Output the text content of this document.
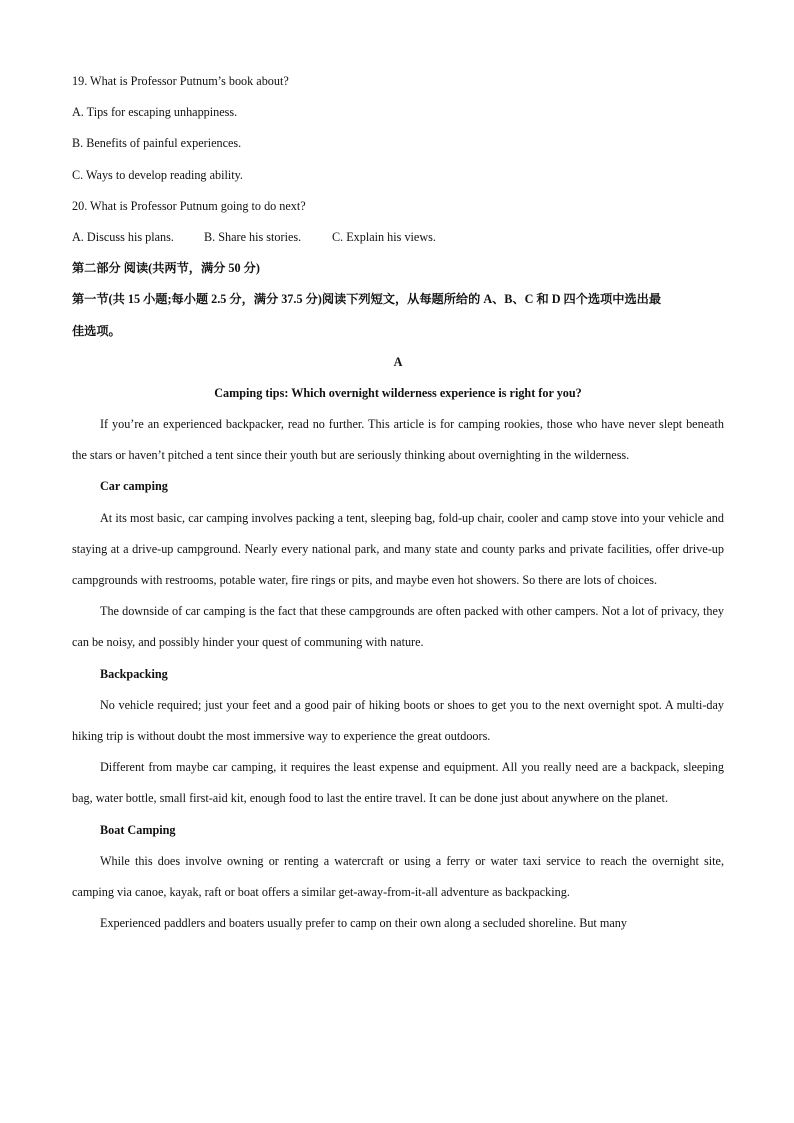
19. What is Professor Putnum’s book about?
A. Tips for escaping unhappiness.
B. Benefits of painful experiences.
C. Ways to develop reading ability.
20. What is Professor Putnum going to do next?
A. Discuss his plans. B. Share his stories.	C. Explain his views.
第二部分 阅读(共两节，满分 50 分)
第一节(共 15 小题;每小题 2.5 分，满分 37.5 分)阅读下列短文，从每题所给的 A、B、C 和 D 四个选项中选出最
佳选项。
A
Camping tips: Which overnight wilderness experience is right for you?

If you’re an experienced backpacker, read no further. This article is for camping rookies, those who have never slept beneath the stars or haven’t pitched a tent since their youth but are seriously thinking about overnighting in the wilderness.

Car camping

At its most basic, car camping involves packing a tent, sleeping bag, fold-up chair, cooler and camp stove into your vehicle and staying at a drive-up campground. Nearly every national park, and many state and county parks and private facilities, offer drive-up campgrounds with restrooms, potable water, fire rings or pits, and maybe even hot showers. So there are lots of choices.

The downside of car camping is the fact that these campgrounds are often packed with other campers. Not a lot of privacy, they can be noisy, and possibly hinder your quest of communing with nature.

Backpacking

No vehicle required; just your feet and a good pair of hiking boots or shoes to get you to the next overnight spot. A multi-day hiking trip is without doubt the most immersive way to experience the great outdoors.

Different from maybe car camping, it requires the least expense and equipment. All you really need are a backpack, sleeping bag, water bottle, small first-aid kit, enough food to last the entire travel. It can be done just about anywhere on the planet.

Boat Camping

While this does involve owning or renting a watercraft or using a ferry or water taxi service to reach the overnight site, camping via canoe, kayak, raft or boat offers a similar get-away-from-it-all adventure as backpacking.

Experienced paddlers and boaters usually prefer to camp on their own along a secluded shoreline. But many
